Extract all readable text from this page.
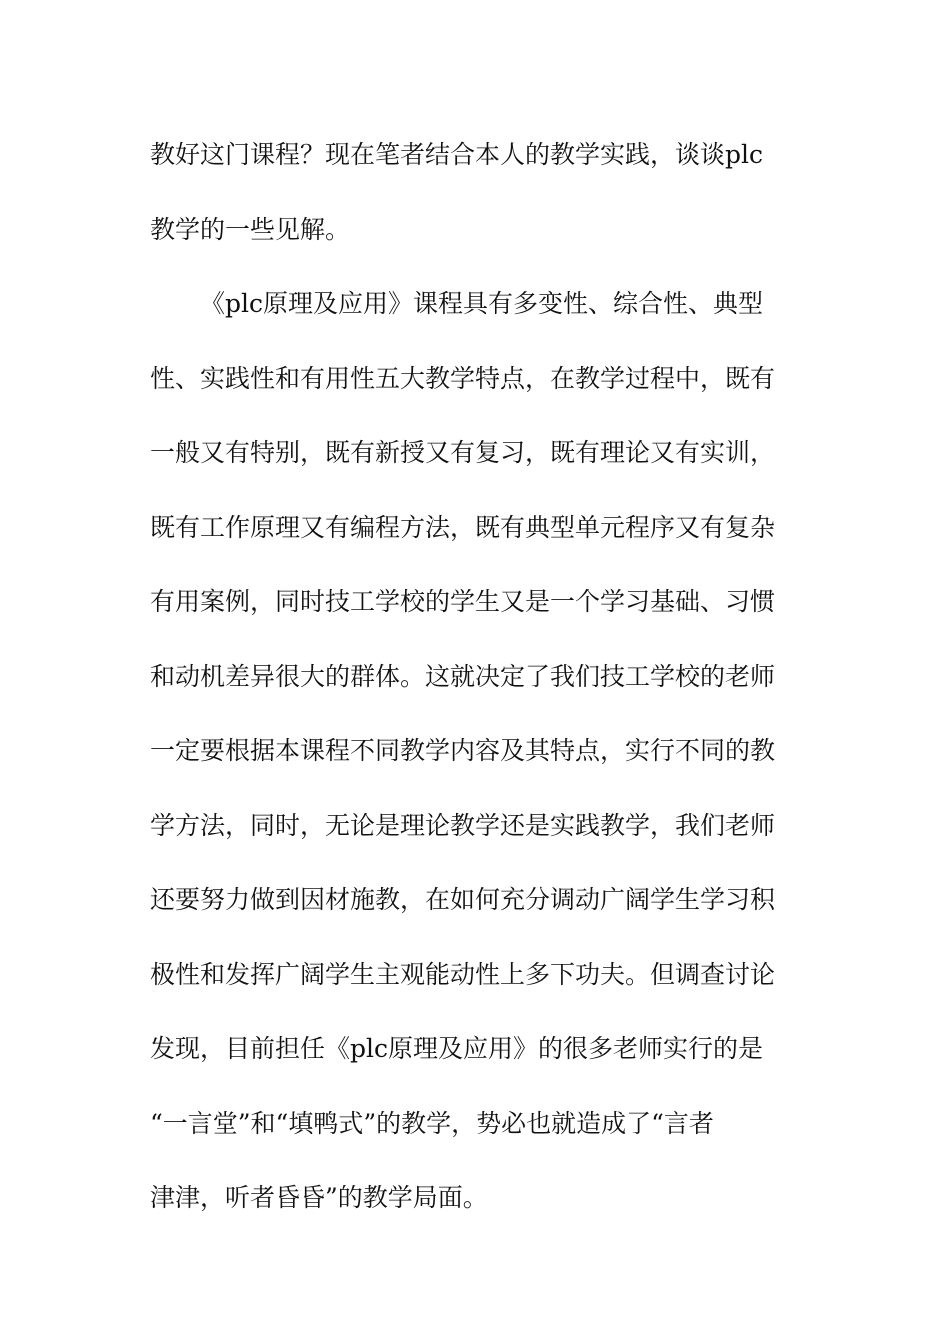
教好这门课程？现在笔者结合本人的教学实践，谈谈plc
教学的一些见解。
《plc原理及应用》课程具有多变性、综合性、典型
性、实践性和有用性五大教学特点，在教学过程中，既有
一般又有特别，既有新授又有复习，既有理论又有实训，
既有工作原理又有编程方法，既有典型单元程序又有复杂
有用案例，同时技工学校的学生又是一个学习基础、习惯
和动机差异很大的群体。这就决定了我们技工学校的老师
一定要根据本课程不同教学内容及其特点，实行不同的教
学方法，同时，无论是理论教学还是实践教学，我们老师
还要努力做到因材施教，在如何充分调动广阔学生学习积
极性和发挥广阔学生主观能动性上多下功夫。但调查讨论
发现，目前担任《plc原理及应用》的很多老师实行的是
“一言堂”和“填鸭式”的教学，势必也就造成了“言者
津津，听者昏昏”的教学局面。
